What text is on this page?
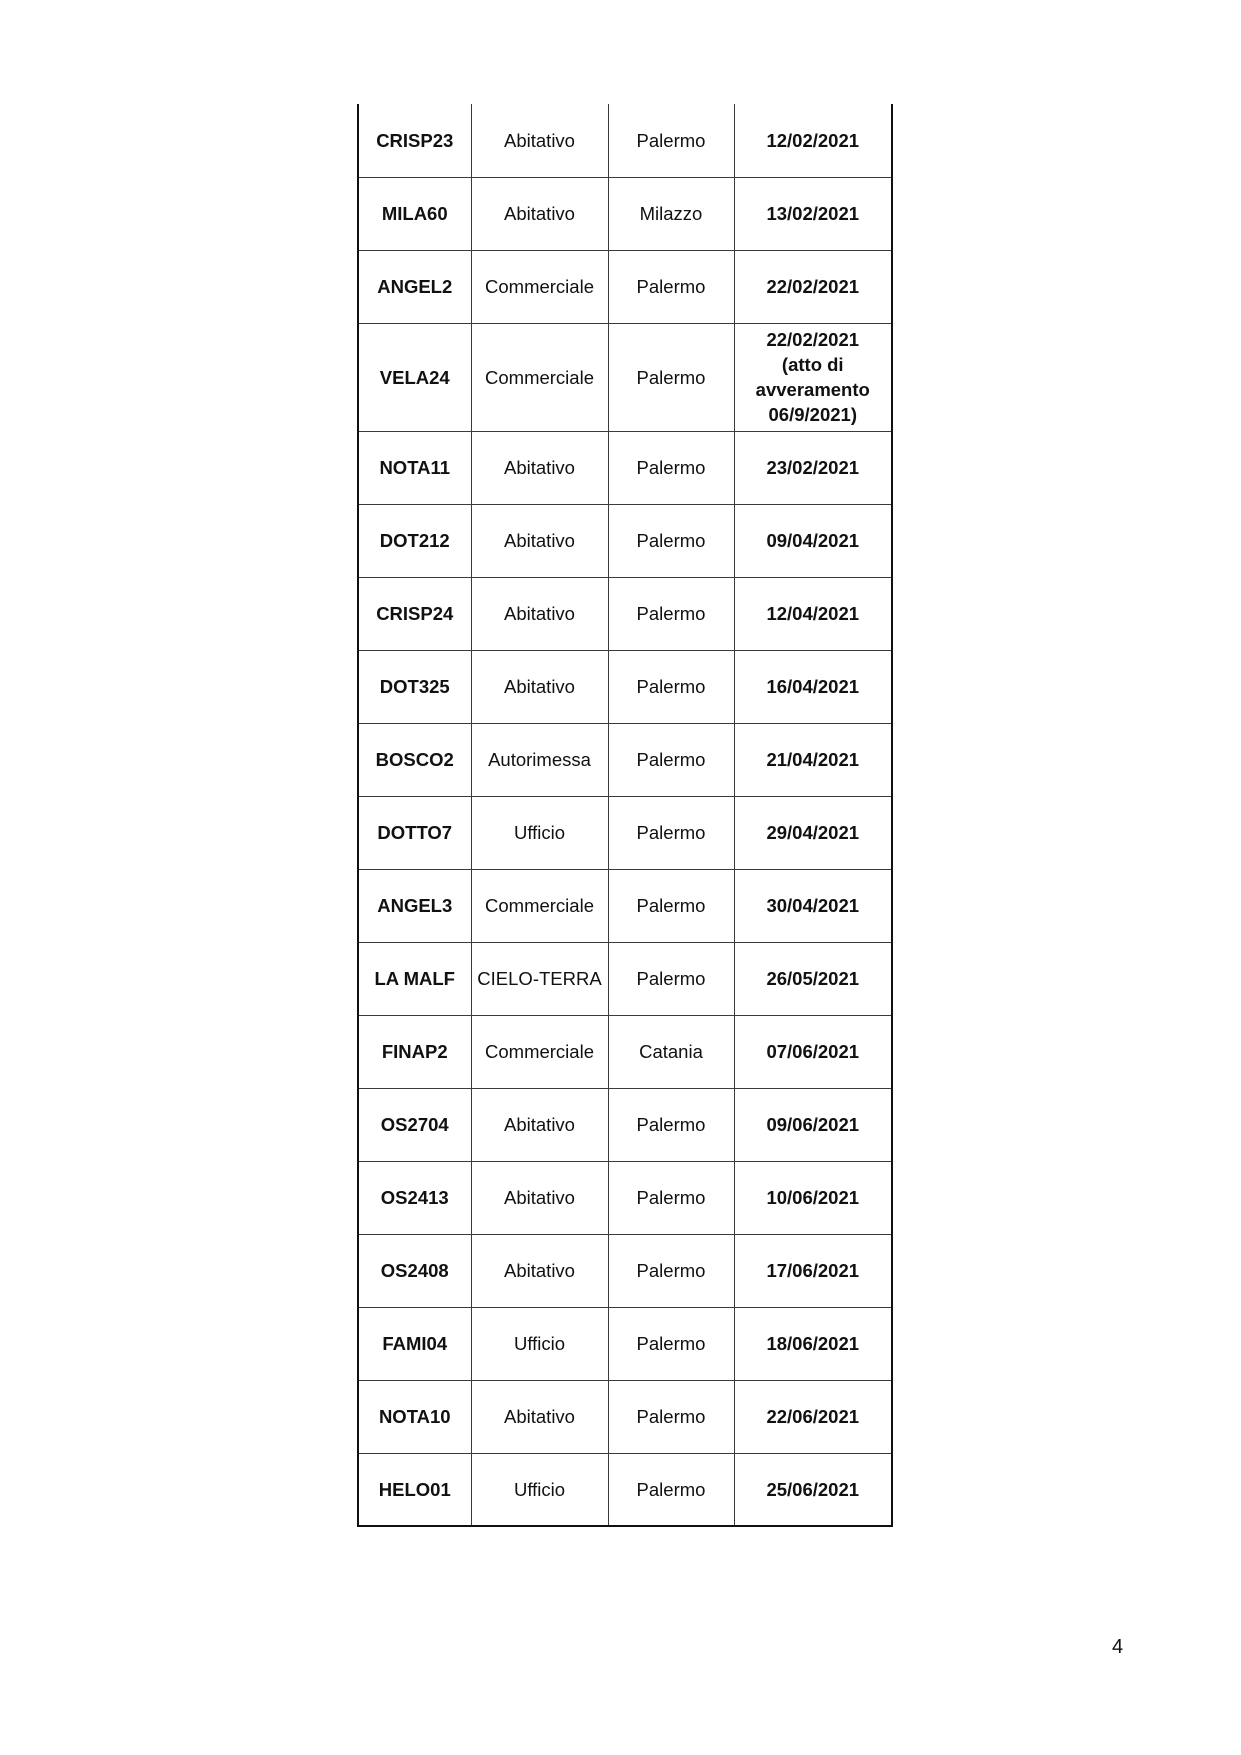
CRISP23	Abitativo	Palermo	12/02/2021

MILA60	Abitativo	Milazzo	13/02/2021

ANGEL2	Commerciale	Palermo	22/02/2021

VELA24	Commerciale	Palermo	22/02/2021
(atto di
avveramento
06/9/2021)

NOTA11	Abitativo	Palermo	23/02/2021

DOT212	Abitativo	Palermo	09/04/2021

CRISP24	Abitativo	Palermo	12/04/2021

DOT325	Abitativo	Palermo	16/04/2021

BOSCO2	Autorimessa	Palermo	21/04/2021

DOTTO7	Ufficio	Palermo	29/04/2021

ANGEL3	Commerciale	Palermo	30/04/2021

LA MALF	CIELO-TERRA	Palermo	26/05/2021

FINAP2	Commerciale	Catania	07/06/2021

OS2704	Abitativo	Palermo	09/06/2021

OS2413	Abitativo	Palermo	10/06/2021

OS2408	Abitativo	Palermo	17/06/2021

FAMI04	Ufficio	Palermo	18/06/2021

NOTA10	Abitativo	Palermo	22/06/2021

HELO01	Ufficio	Palermo	25/06/2021
4
